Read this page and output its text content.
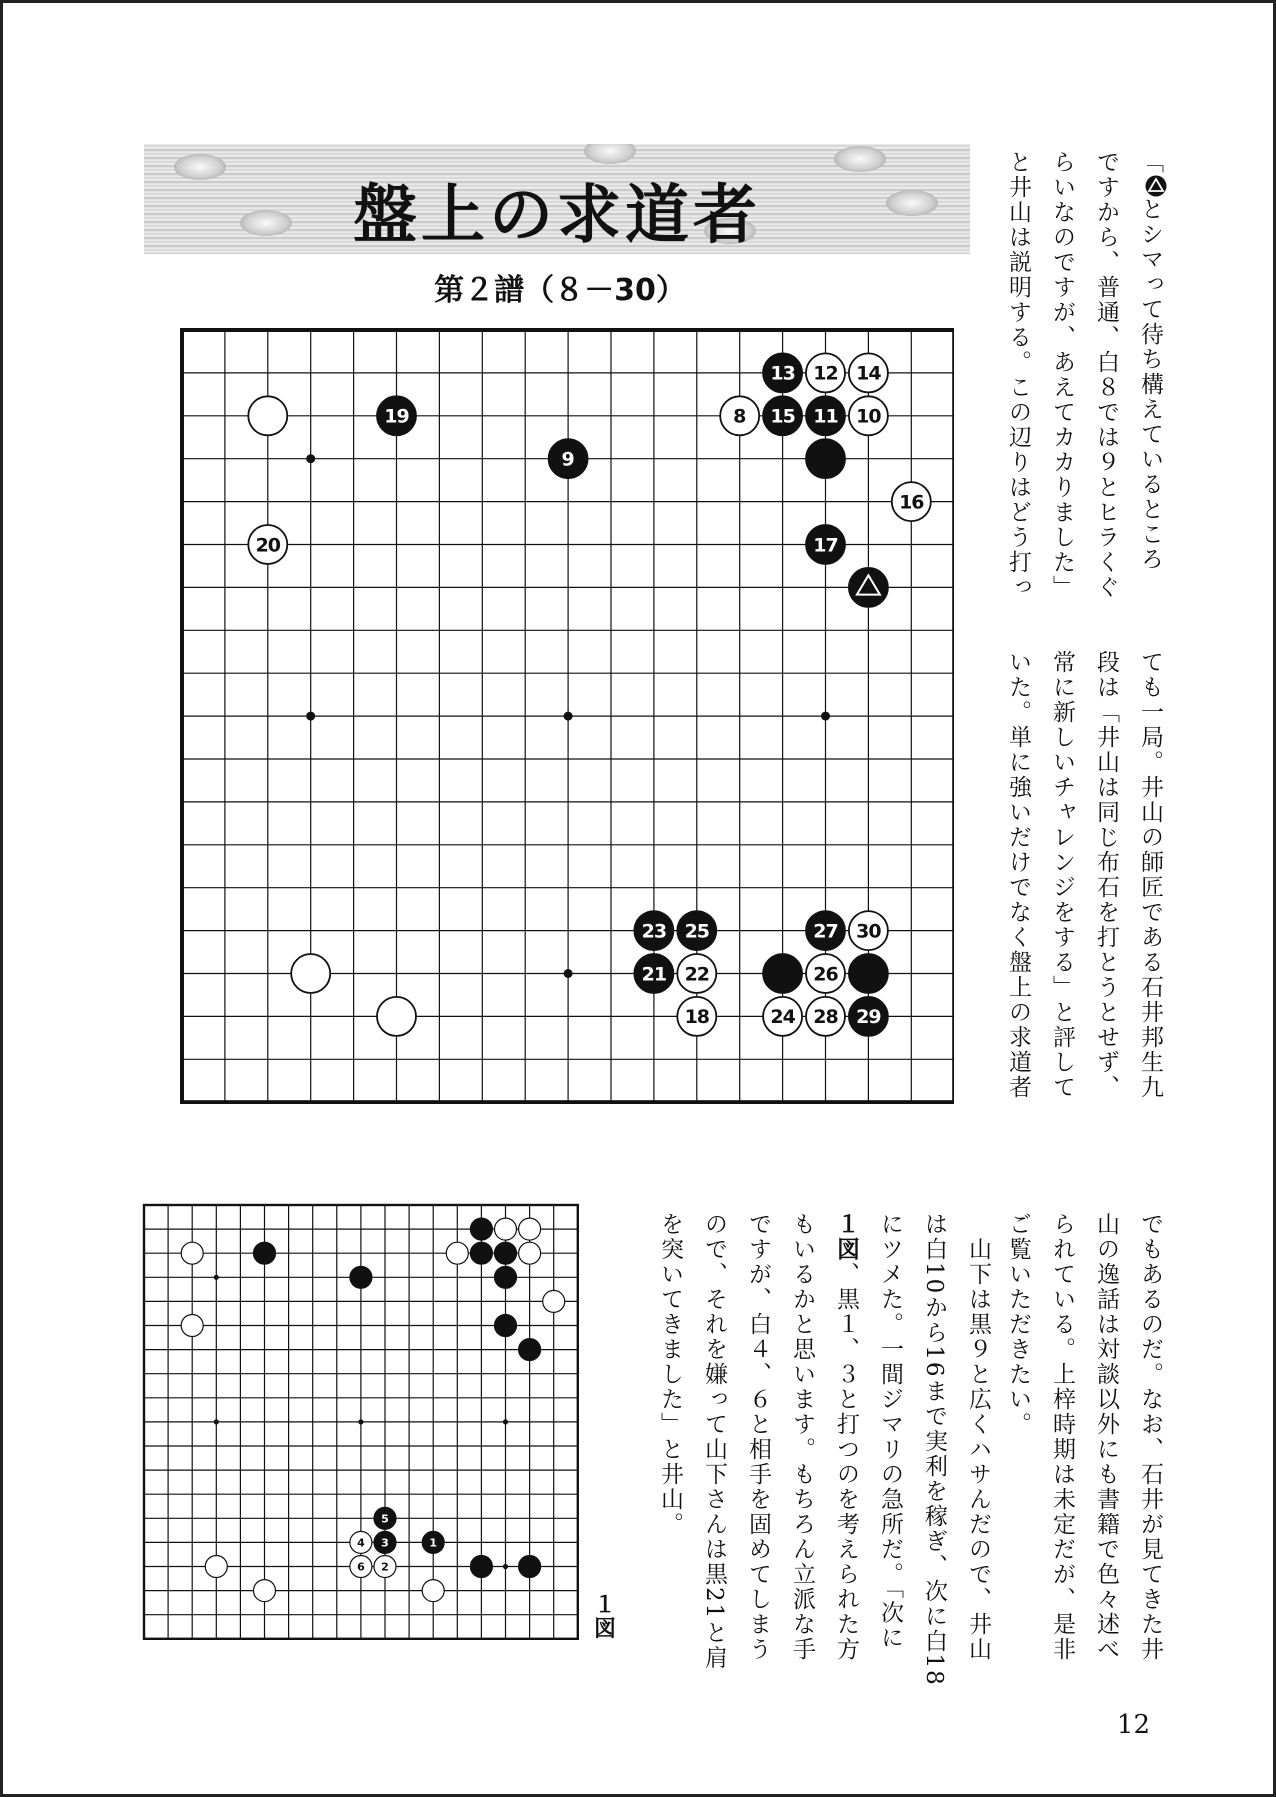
盤上の求道者
第２譜（８－30）
19
9
20
8
13 12 14
15 11 10
16
17
23 25	27 30
21 22	26
18	24 28 29
5
4 3	1
6 2
１
図
「とシマって待ち構えているところ
ですから、普通、白８では９とヒラくぐ
らいなのですが、あえてカカりました」
と井山は説明する。この辺りはどう打っ
ても一局。井山の師匠である石井邦生九
段は「井山は同じ布石を打とうとせず、
常に新しいチャレンジをする」と評して
いた。単に強いだけでなく盤上の求道者
でもあるのだ。なお、石井が見てきた井
山の逸話は対談以外にも書籍で色々述べ
られている。上梓時期は未定だが、是非
ご覧いただきたい。
　山下は黒９と広くハサんだので、井山
は白10から16まで実利を稼ぎ、次に白18
にツメた。一間ジマリの急所だ。「次に
１図、黒１、３と打つのを考えられた方
もいるかと思います。もちろん立派な手
ですが、白４、６と相手を固めてしまう
ので、それを嫌って山下さんは黒21と肩
を突いてきました」と井山。
12
